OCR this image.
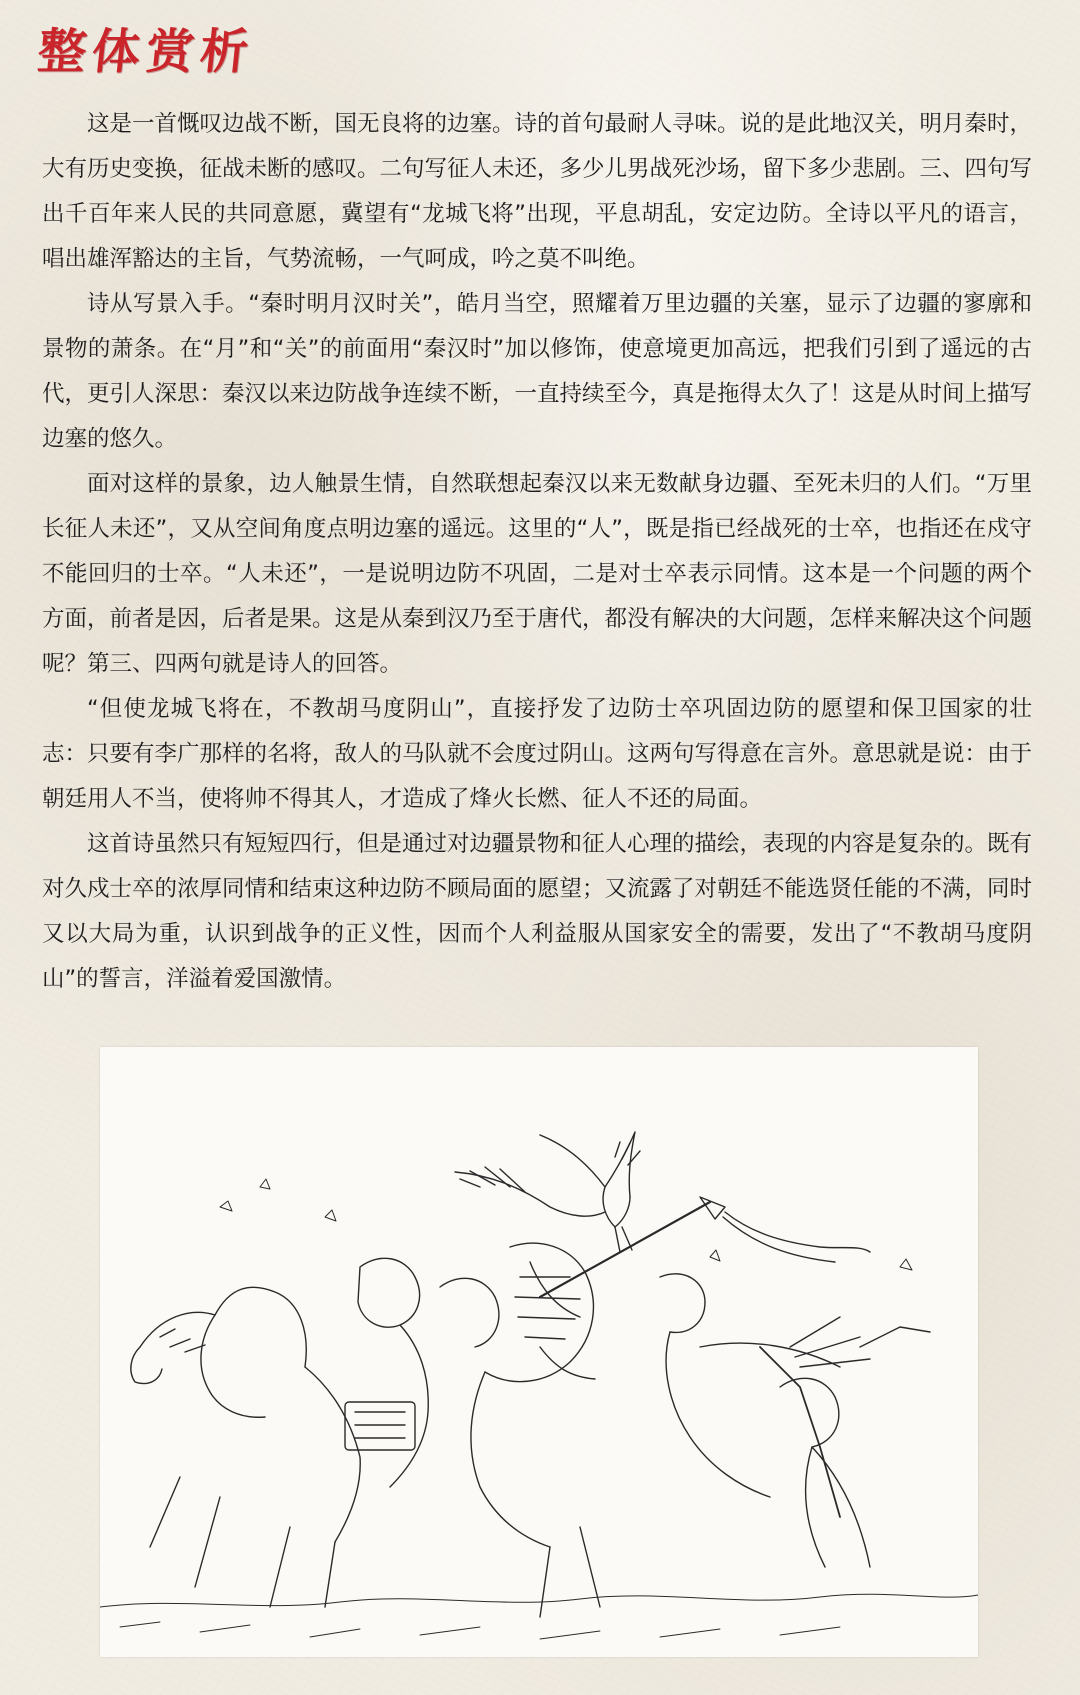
整体赏析

这是一首慨叹边战不断，国无良将的边塞。诗的首句最耐人寻味。说的是此地汉关，明月秦时，大有历史变换，征战未断的感叹。二句写征人未还，多少儿男战死沙场，留下多少悲剧。三、四句写出千百年来人民的共同意愿，冀望有“龙城飞将”出现，平息胡乱，安定边防。全诗以平凡的语言，唱出雄浑豁达的主旨，气势流畅，一气呵成，吟之莫不叫绝。

诗从写景入手。“秦时明月汉时关”，皓月当空，照耀着万里边疆的关塞，显示了边疆的寥廓和景物的萧条。在“月”和“关”的前面用“秦汉时”加以修饰，使意境更加高远，把我们引到了遥远的古代，更引人深思：秦汉以来边防战争连续不断，一直持续至今，真是拖得太久了！这是从时间上描写边塞的悠久。

面对这样的景象，边人触景生情，自然联想起秦汉以来无数献身边疆、至死未归的人们。“万里长征人未还”，又从空间角度点明边塞的遥远。这里的“人”，既是指已经战死的士卒，也指还在戍守不能回归的士卒。“人未还”，一是说明边防不巩固，二是对士卒表示同情。这本是一个问题的两个方面，前者是因，后者是果。这是从秦到汉乃至于唐代，都没有解决的大问题，怎样来解决这个问题呢？第三、四两句就是诗人的回答。

“但使龙城飞将在，不教胡马度阴山”，直接抒发了边防士卒巩固边防的愿望和保卫国家的壮志：只要有李广那样的名将，敌人的马队就不会度过阴山。这两句写得意在言外。意思就是说：由于朝廷用人不当，使将帅不得其人，才造成了烽火长燃、征人不还的局面。

这首诗虽然只有短短四行，但是通过对边疆景物和征人心理的描绘，表现的内容是复杂的。既有对久戍士卒的浓厚同情和结束这种边防不顾局面的愿望；又流露了对朝廷不能选贤任能的不满，同时又以大局为重，认识到战争的正义性，因而个人利益服从国家安全的需要，发出了“不教胡马度阴山”的誓言，洋溢着爱国激情。
